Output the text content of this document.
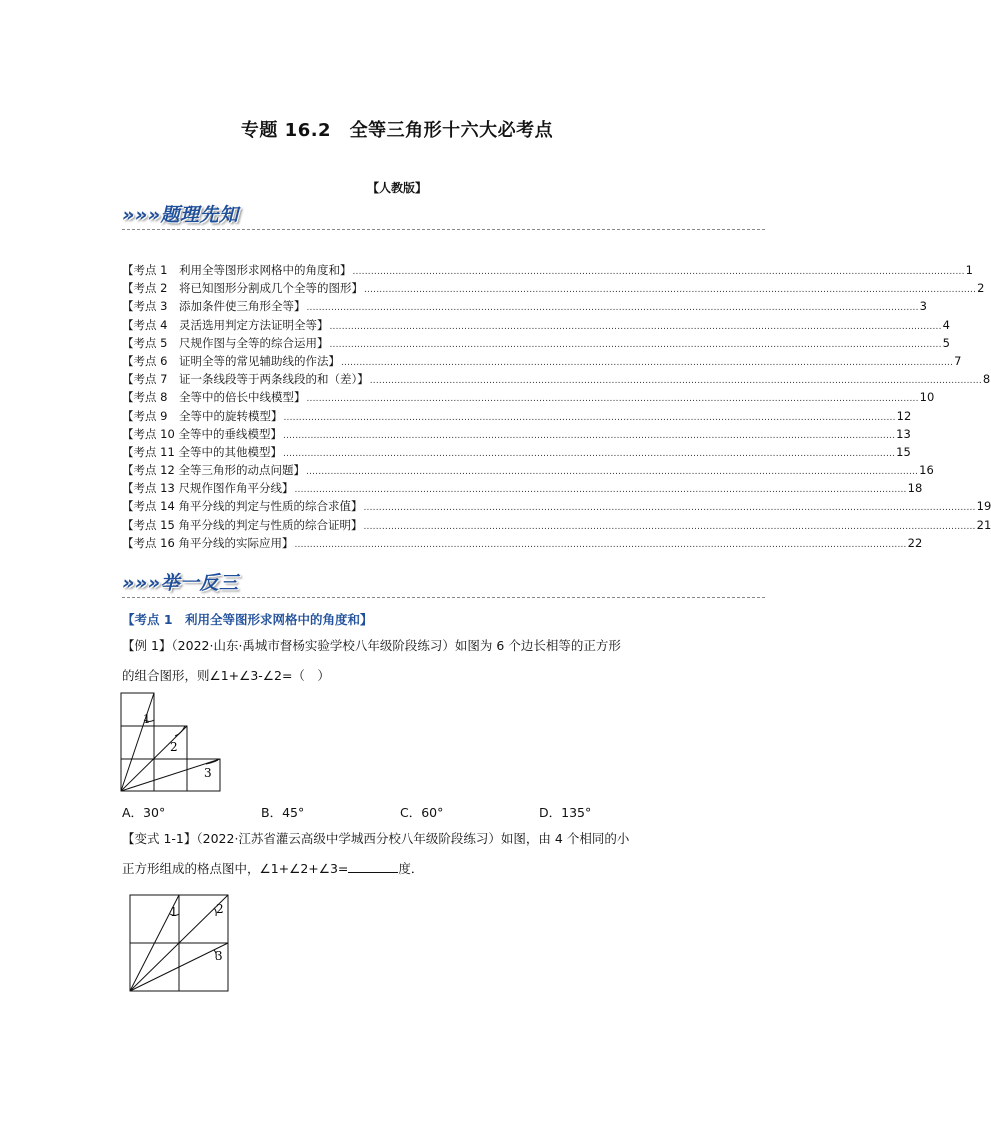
专题 16.2　全等三角形十六大必考点
【人教版】
»»»题理先知
【考点 1　利用全等图形求网格中的角度和】 ........................................................................................................................................................................................................ 1
【考点 2　将已知图形分割成几个全等的图形】 ........................................................................................................................................................................................................ 2
【考点 3　添加条件使三角形全等】 ........................................................................................................................................................................................................ 3
【考点 4　灵活选用判定方法证明全等】 ........................................................................................................................................................................................................ 4
【考点 5　尺规作图与全等的综合运用】 ........................................................................................................................................................................................................ 5
【考点 6　证明全等的常见辅助线的作法】 ........................................................................................................................................................................................................ 7
【考点 7　证一条线段等于两条线段的和（差）】 ........................................................................................................................................................................................................ 8
【考点 8　全等中的倍长中线模型】 ........................................................................................................................................................................................................ 10
【考点 9　全等中的旋转模型】 ........................................................................................................................................................................................................ 12
【考点 10 全等中的垂线模型】 ........................................................................................................................................................................................................ 13
【考点 11 全等中的其他模型】 ........................................................................................................................................................................................................ 15
【考点 12 全等三角形的动点问题】 ........................................................................................................................................................................................................ 16
【考点 13 尺规作图作角平分线】 ........................................................................................................................................................................................................ 18
【考点 14 角平分线的判定与性质的综合求值】 ........................................................................................................................................................................................................ 19
【考点 15 角平分线的判定与性质的综合证明】 ........................................................................................................................................................................................................ 21
【考点 16 角平分线的实际应用】 ........................................................................................................................................................................................................ 22
»»»举一反三
【考点 1　利用全等图形求网格中的角度和】
【例 1】（2022·山东·禹城市督杨实验学校八年级阶段练习）如图为 6 个边长相等的正方形
的组合图形，则∠1+∠3-∠2=（　）
1
2
3
A．30°	B．45°	C．60°	D．135°
【变式 1-1】（2022·江苏省灌云高级中学城西分校八年级阶段练习）如图，由 4 个相同的小
正方形组成的格点图中，∠1+∠2+∠3=	度．
1	2
3
